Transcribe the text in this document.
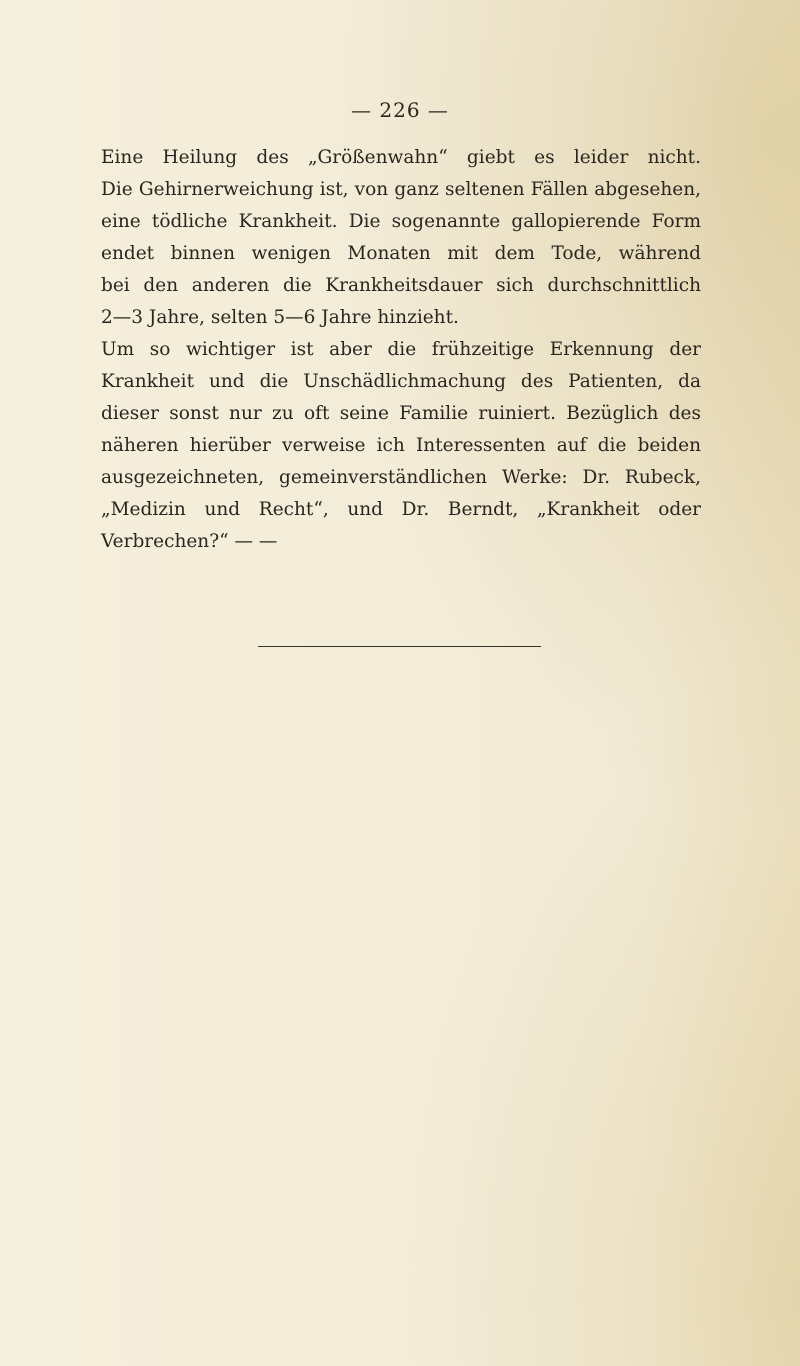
— 226 —
Eine Heilung des „Größenwahn“ giebt es leider nicht.
Die Gehirnerweichung ist, von ganz seltenen Fällen abgesehen,
eine tödliche Krankheit. Die sogenannte gallopierende Form
endet binnen wenigen Monaten mit dem Tode, während
bei den anderen die Krankheitsdauer sich durchschnittlich
2—3 Jahre, selten 5—6 Jahre hinzieht.
Um so wichtiger ist aber die frühzeitige Erkennung der
Krankheit und die Unschädlichmachung des Patienten, da
dieser sonst nur zu oft seine Familie ruiniert. Bezüglich des
näheren hierüber verweise ich Interessenten auf die beiden
ausgezeichneten, gemeinverständlichen Werke: Dr. Rubeck,
„Medizin und Recht“, und Dr. Berndt, „Krankheit oder
Verbrechen?“ — —
